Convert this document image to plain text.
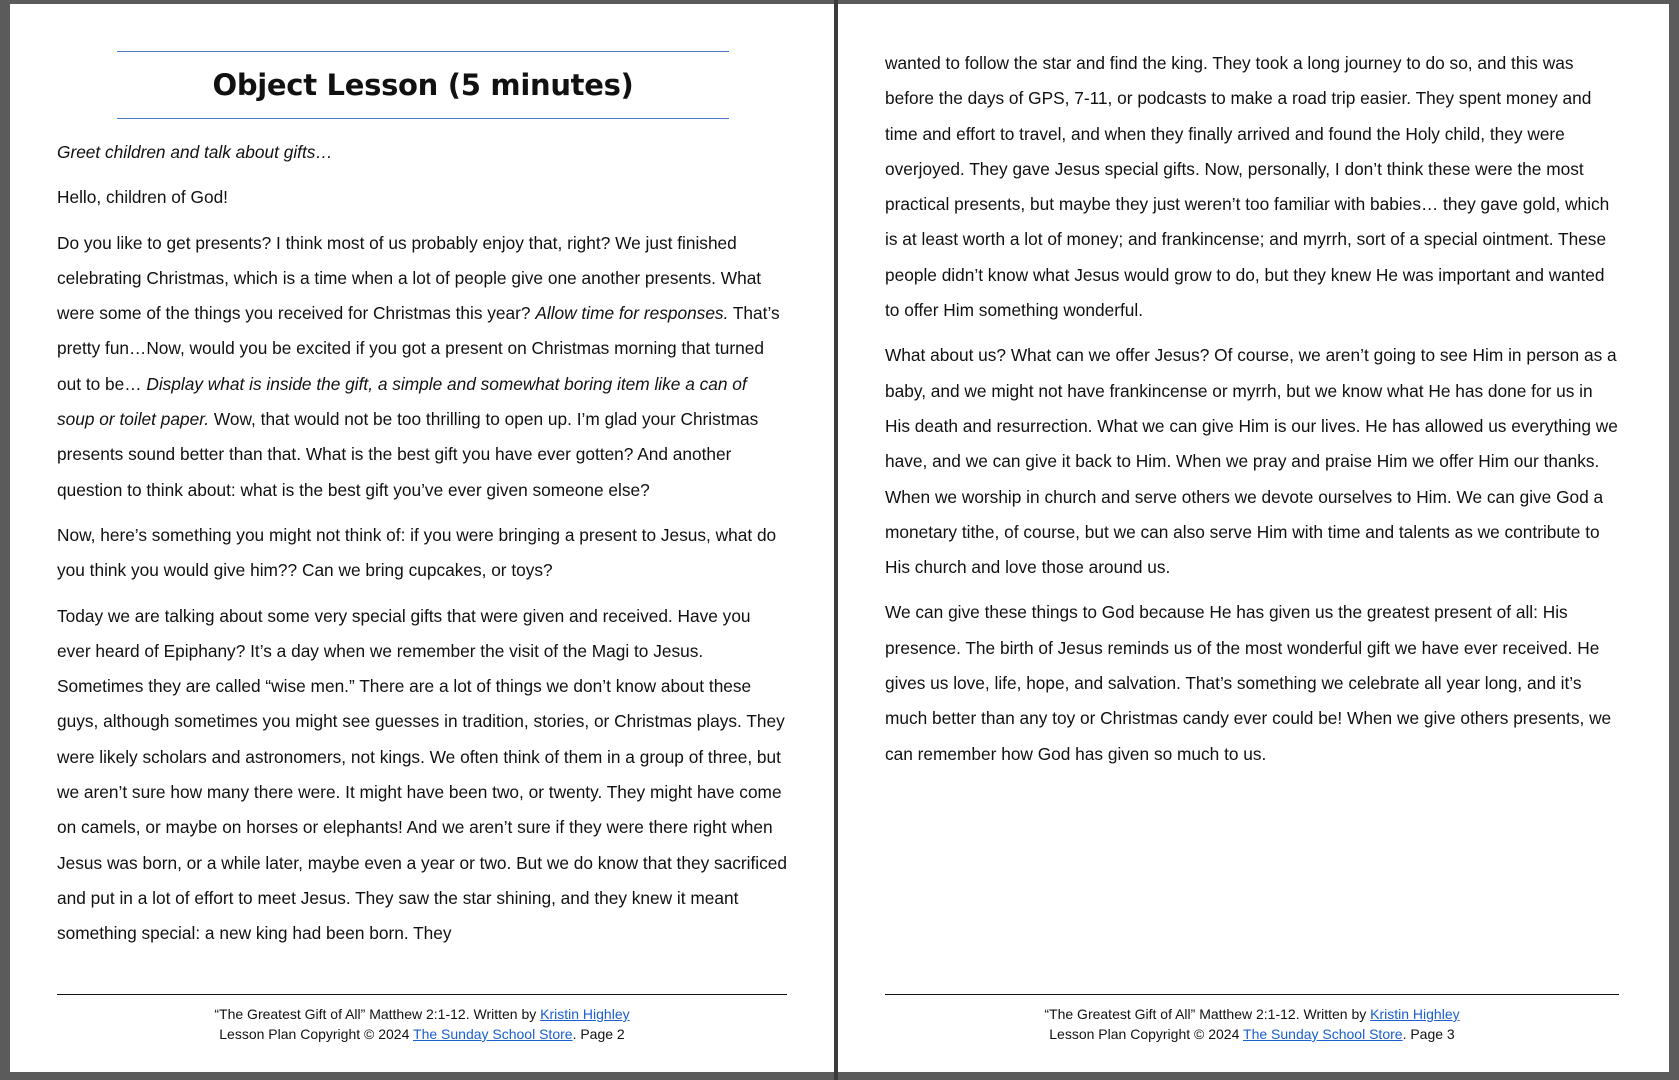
Object Lesson (5 minutes)

Greet children and talk about gifts…

Hello, children of God!

Do you like to get presents? I think most of us probably enjoy that, right? We just finished celebrating Christmas, which is a time when a lot of people give one another presents. What were some of the things you received for Christmas this year? Allow time for responses. That’s pretty fun…Now, would you be excited if you got a present on Christmas morning that turned out to be… Display what is inside the gift, a simple and somewhat boring item like a can of soup or toilet paper. Wow, that would not be too thrilling to open up. I’m glad your Christmas presents sound better than that. What is the best gift you have ever gotten? And another question to think about: what is the best gift you’ve ever given someone else?

Now, here’s something you might not think of: if you were bringing a present to Jesus, what do you think you would give him?? Can we bring cupcakes, or toys?

Today we are talking about some very special gifts that were given and received. Have you ever heard of Epiphany? It’s a day when we remember the visit of the Magi to Jesus. Sometimes they are called “wise men.” There are a lot of things we don’t know about these guys, although sometimes you might see guesses in tradition, stories, or Christmas plays. They were likely scholars and astronomers, not kings. We often think of them in a group of three, but we aren’t sure how many there were. It might have been two, or twenty. They might have come on camels, or maybe on horses or elephants! And we aren’t sure if they were there right when Jesus was born, or a while later, maybe even a year or two. But we do know that they sacrificed and put in a lot of effort to meet Jesus. They saw the star shining, and they knew it meant something special: a new king had been born. They

“The Greatest Gift of All” Matthew 2:1-12. Written by Kristin Highley
Lesson Plan Copyright © 2024 The Sunday School Store. Page 2

wanted to follow the star and find the king. They took a long journey to do so, and this was before the days of GPS, 7-11, or podcasts to make a road trip easier. They spent money and time and effort to travel, and when they finally arrived and found the Holy child, they were overjoyed. They gave Jesus special gifts. Now, personally, I don’t think these were the most practical presents, but maybe they just weren’t too familiar with babies… they gave gold, which is at least worth a lot of money; and frankincense; and myrrh, sort of a special ointment. These people didn’t know what Jesus would grow to do, but they knew He was important and wanted to offer Him something wonderful.

What about us? What can we offer Jesus? Of course, we aren’t going to see Him in person as a baby, and we might not have frankincense or myrrh, but we know what He has done for us in His death and resurrection. What we can give Him is our lives. He has allowed us everything we have, and we can give it back to Him. When we pray and praise Him we offer Him our thanks. When we worship in church and serve others we devote ourselves to Him. We can give God a monetary tithe, of course, but we can also serve Him with time and talents as we contribute to His church and love those around us.

We can give these things to God because He has given us the greatest present of all: His presence. The birth of Jesus reminds us of the most wonderful gift we have ever received. He gives us love, life, hope, and salvation. That’s something we celebrate all year long, and it’s much better than any toy or Christmas candy ever could be! When we give others presents, we can remember how God has given so much to us.

“The Greatest Gift of All” Matthew 2:1-12. Written by Kristin Highley
Lesson Plan Copyright © 2024 The Sunday School Store. Page 3
